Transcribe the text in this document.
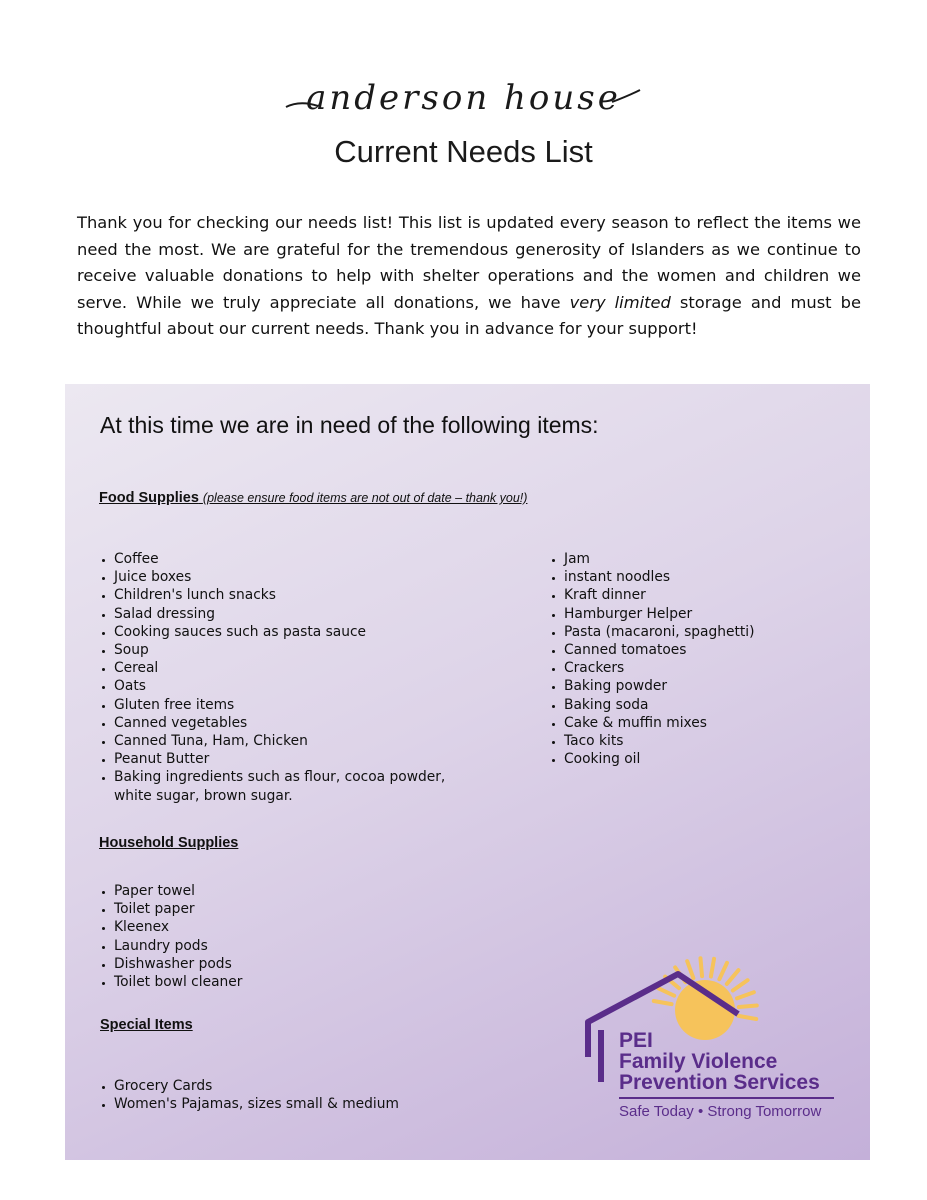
anderson house
Current Needs List

Thank you for checking our needs list! This list is updated every season to reflect the items we need the most. We are grateful for the tremendous generosity of Islanders as we continue to receive valuable donations to help with shelter operations and the women and children we serve. While we truly appreciate all donations, we have very limited storage and must be thoughtful about our current needs. Thank you in advance for your support!

At this time we are in need of the following items:
Food Supplies (please ensure food items are not out of date – thank you!)
• Coffee
• Juice boxes
• Children's lunch snacks
• Salad dressing
• Cooking sauces such as pasta sauce
• Soup
• Cereal
• Oats
• Gluten free items
• Canned vegetables
• Canned Tuna, Ham, Chicken
• Peanut Butter
• Baking ingredients such as flour, cocoa powder, white sugar, brown sugar.
• Jam
• instant noodles
• Kraft dinner
• Hamburger Helper
• Pasta (macaroni, spaghetti)
• Canned tomatoes
• Crackers
• Baking powder
• Baking soda
• Cake & muffin mixes
• Taco kits
• Cooking oil
Household Supplies
• Paper towel
• Toilet paper
• Kleenex
• Laundry pods
• Dishwasher pods
• Toilet bowl cleaner
Special Items
• Grocery Cards
• Women's Pajamas, sizes small & medium
PEI
Family Violence
Prevention Services
Safe Today • Strong Tomorrow
